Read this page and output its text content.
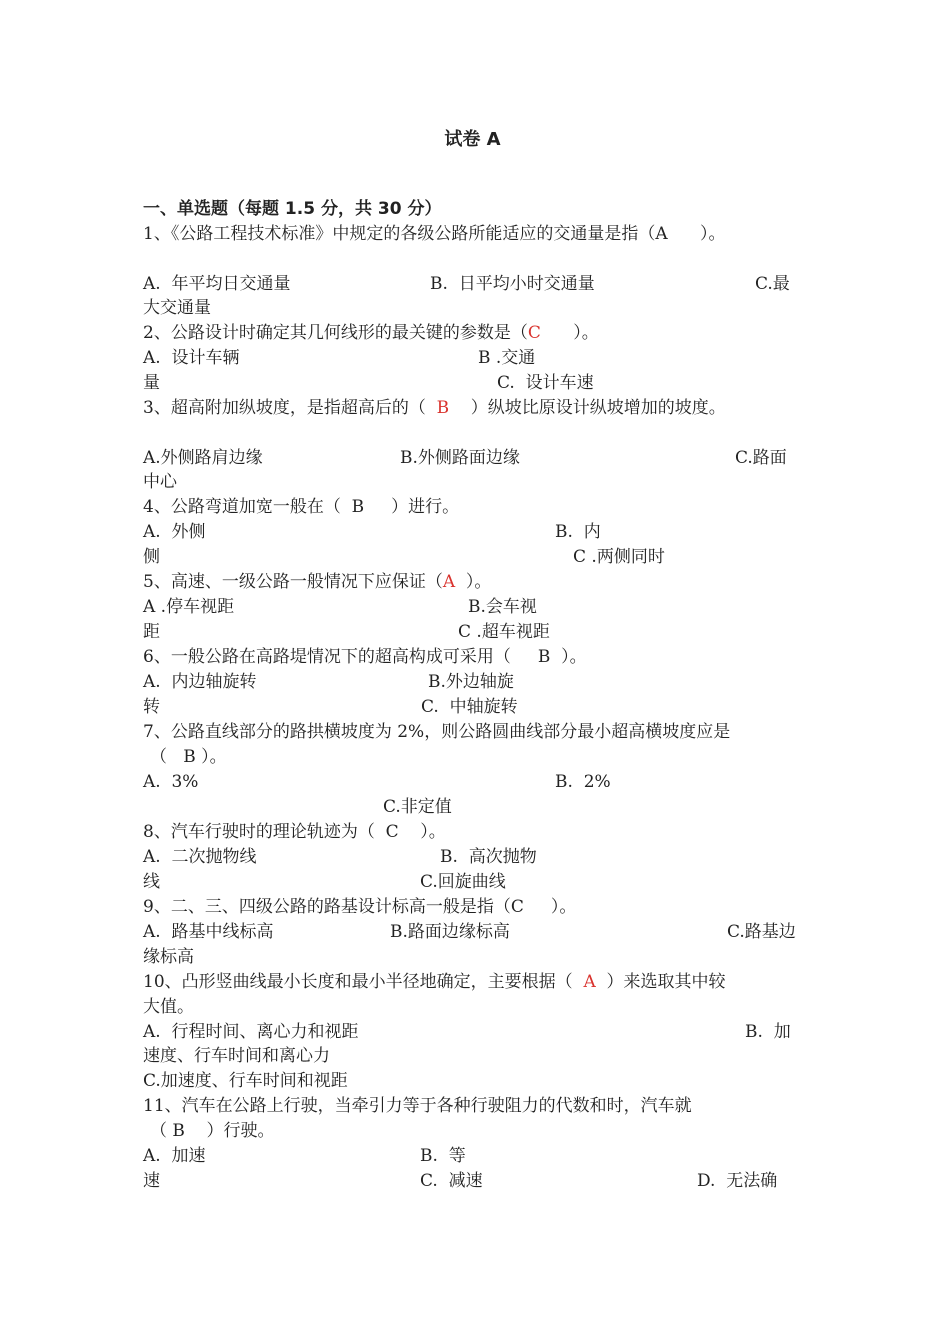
试卷 A
一、单选题（每题 1.5 分，共 30 分）
1、《公路工程技术标准》中规定的各级公路所能适应的交通量是指（A ）。
A.  年平均日交通量	B.  日平均小时交通量	C.最
大交通量
2、公路设计时确定其几何线形的最关键的参数是（C ）。
A.  设计车辆	B .交通
量	C.  设计车速
3、超高附加纵坡度，是指超高后的（ B ）纵坡比原设计纵坡增加的坡度。
A.外侧路肩边缘	B.外侧路面边缘	C.路面
中心
4、公路弯道加宽一般在（ B ）进行。
A.  外侧	B.  内
侧	C .两侧同时
5、高速、一级公路一般情况下应保证（A ）。
A .停车视距	B.会车视
距	C .超车视距
6、一般公路在高路堤情况下的超高构成可采用（ B ）。
A.  内边轴旋转	B.外边轴旋
转	C.  中轴旋转
7、公路直线部分的路拱横坡度为 2%，则公路圆曲线部分最小超高横坡度应是
（ B ）。
A.  3%	B.  2%
C.非定值
8、汽车行驶时的理论轨迹为（ C ）。
A.  二次抛物线	B.  高次抛物
线	C.回旋曲线
9、二、三、四级公路的路基设计标高一般是指（C ）。
A.  路基中线标高	B.路面边缘标高	C.路基边
缘标高
10、凸形竖曲线最小长度和最小半径地确定，主要根据（ A ）来选取其中较
大值。
A.  行程时间、离心力和视距	B.  加
速度、行车时间和离心力
C.加速度、行车时间和视距
11、汽车在公路上行驶，当牵引力等于各种行驶阻力的代数和时，汽车就
（ B ）行驶。
A.  加速	B.  等
速	C.  减速	D.  无法确
